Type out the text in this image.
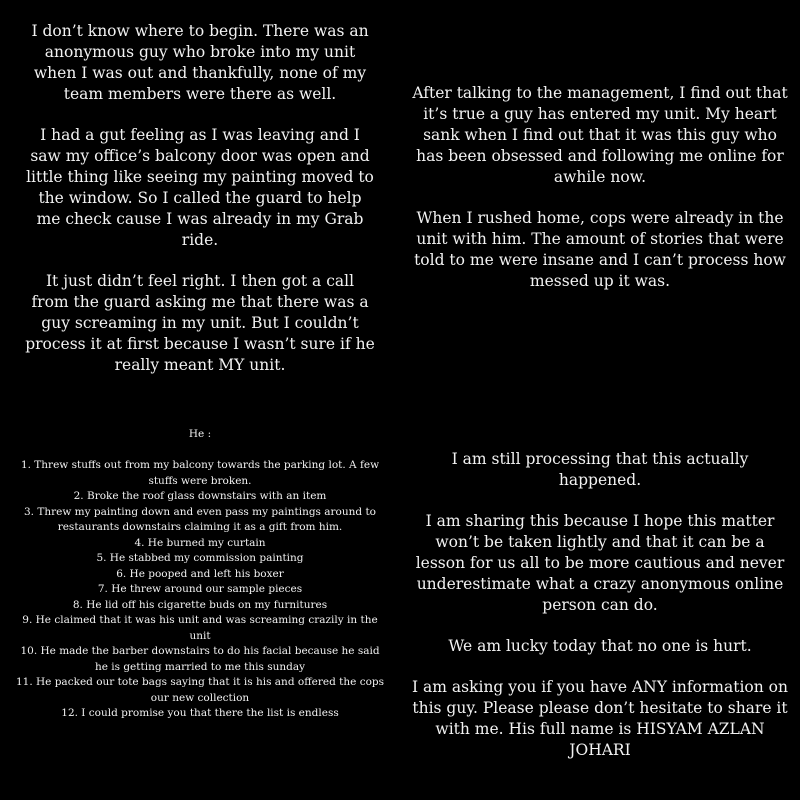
I don’t know where to begin. There was an anonymous guy who broke into my unit when I was out and thankfully, none of my team members were there as well.

I had a gut feeling as I was leaving and I saw my office’s balcony door was open and little thing like seeing my painting moved to the window. So I called the guard to help me check cause I was already in my Grab ride.

It just didn’t feel right. I then got a call from the guard asking me that there was a guy screaming in my unit. But I couldn’t process it at first because I wasn’t sure if he really meant MY unit.

After talking to the management, I find out that it’s true a guy has entered my unit. My heart sank when I find out that it was this guy who has been obsessed and following me online for awhile now.

When I rushed home, cops were already in the unit with him. The amount of stories that were told to me were insane and I can’t process how messed up it was.

He :

1. Threw stuffs out from my balcony towards the parking lot. A few stuffs were broken.
2. Broke the roof glass downstairs with an item
3. Threw my painting down and even pass my paintings around to restaurants downstairs claiming it as a gift from him.
4. He burned my curtain
5. He stabbed my commission painting
6. He pooped and left his boxer
7. He threw around our sample pieces
8. He lid off his cigarette buds on my furnitures
9. He claimed that it was his unit and was screaming crazily in the unit
10. He made the barber downstairs to do his facial because he said he is getting married to me this sunday
11. He packed our tote bags saying that it is his and offered the cops our new collection
12. I could promise you that there the list is endless

I am still processing that this actually happened.

I am sharing this because I hope this matter won’t be taken lightly and that it can be a lesson for us all to be more cautious and never underestimate what a crazy anonymous online person can do.

We am lucky today that no one is hurt.

I am asking you if you have ANY information on this guy. Please please don’t hesitate to share it with me. His full name is HISYAM AZLAN JOHARI
